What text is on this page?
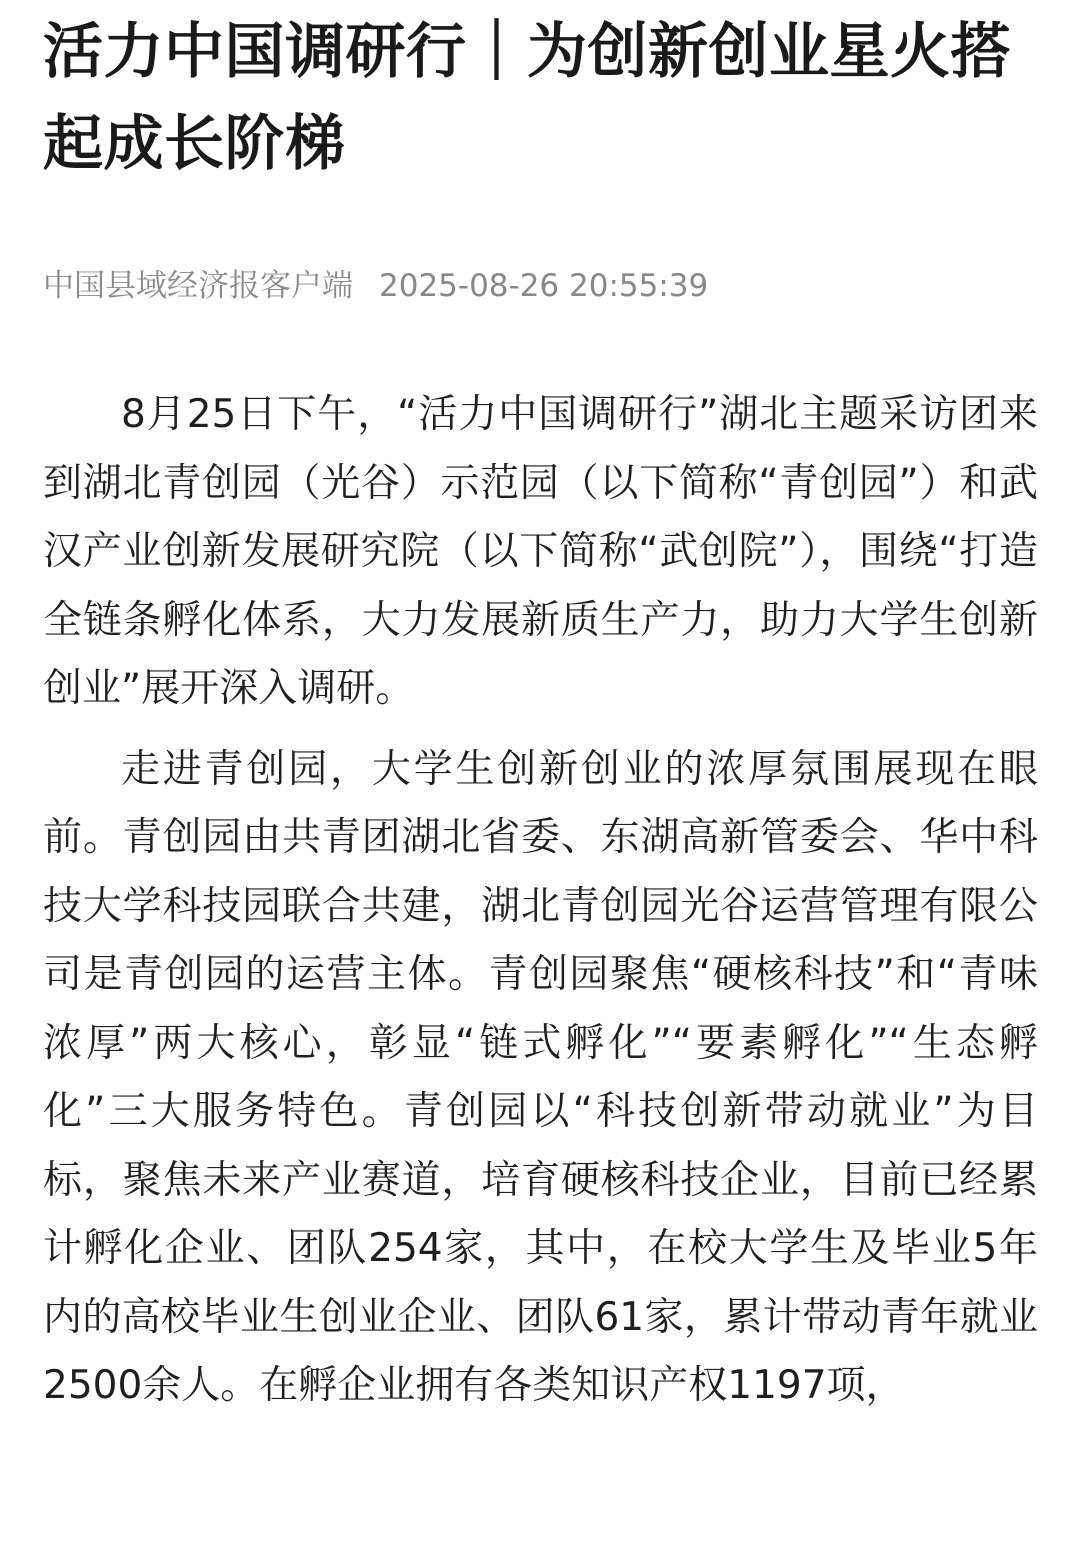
活力中国调研行｜为创新创业星火搭起成长阶梯
中国县域经济报客户端 2025-08-26 20:55:39

8月25日下午，“活力中国调研行”湖北主题采访团来到湖北青创园（光谷）示范园（以下简称“青创园”）和武汉产业创新发展研究院（以下简称“武创院”），围绕“打造全链条孵化体系，大力发展新质生产力，助力大学生创新创业”展开深入调研。

走进青创园，大学生创新创业的浓厚氛围展现在眼前。青创园由共青团湖北省委、东湖高新管委会、华中科技大学科技园联合共建，湖北青创园光谷运营管理有限公司是青创园的运营主体。青创园聚焦“硬核科技”和“青味浓厚”两大核心，彰显“链式孵化”“要素孵化”“生态孵化”三大服务特色。青创园以“科技创新带动就业”为目标，聚焦未来产业赛道，培育硬核科技企业，目前已经累计孵化企业、团队254家，其中，在校大学生及毕业5年内的高校毕业生创业企业、团队61家，累计带动青年就业2500余人。在孵企业拥有各类知识产权1197项，
